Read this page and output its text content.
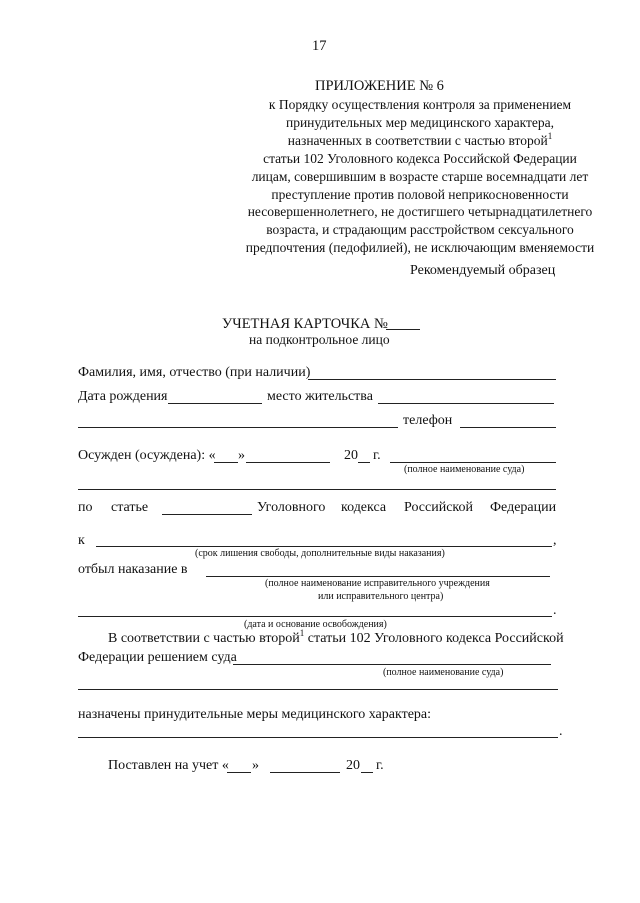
17
ПРИЛОЖЕНИЕ № 6
к Порядку осуществления контроля за применением
принудительных мер медицинского характера,
назначенных в соответствии с частью второй$^1$
статьи 102 Уголовного кодекса Российской Федерации
лицам, совершившим в возрасте старше восемнадцати лет
преступление против половой неприкосновенности
несовершеннолетнего, не достигшего четырнадцатилетнего
возраста, и страдающим расстройством сексуального
предпочтения (педофилией), не исключающим вменяемости
Рекомендуемый образец
УЧЕТНАЯ КАРТОЧКА №
на подконтрольное лицо
Фамилия, имя, отчество (при наличии)
Дата рождения	место жительства
телефон
Осужден (осуждена): « »	20 г.
(полное наименование суда)
по статье	Уголовного кодекса Российской Федерации
к	,
(срок лишения свободы, дополнительные виды наказания)
отбыл наказание в
(полное наименование исправительного учреждения
или исправительного центра)
.
(дата и основание освобождения)
В соответствии с частью второй$^1$ статьи 102 Уголовного кодекса Российской
Федерации решением суда
(полное наименование суда)
назначены принудительные меры медицинского характера:
.
Поставлен на учет « »	20 г.
